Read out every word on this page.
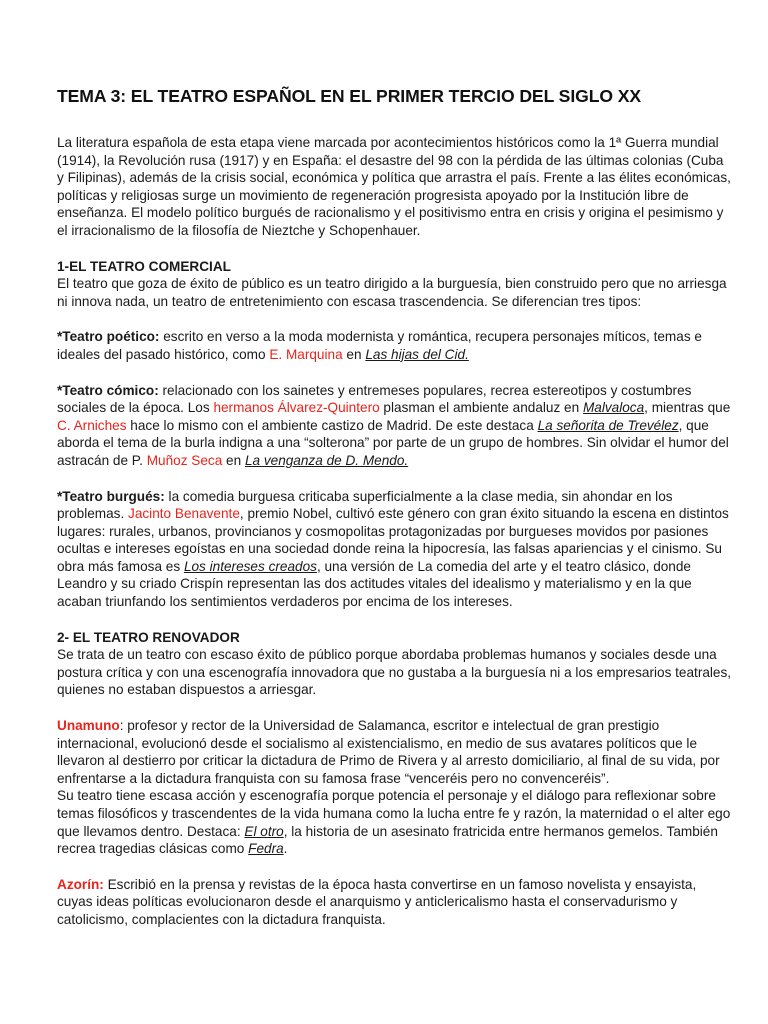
TEMA 3: EL TEATRO ESPAÑOL EN EL PRIMER TERCIO DEL SIGLO XX

La literatura española de esta etapa viene marcada por acontecimientos históricos como la 1ª Guerra mundial (1914), la Revolución rusa (1917) y en España: el desastre del 98 con la pérdida de las últimas colonias (Cuba y Filipinas), además de la crisis social, económica y política que arrastra el país. Frente a las élites económicas, políticas y religiosas surge un movimiento de regeneración progresista apoyado por la Institución libre de enseñanza. El modelo político burgués de racionalismo y el positivismo entra en crisis y origina el pesimismo y el irracionalismo de la filosofía de Nieztche y Schopenhauer.

1-EL TEATRO COMERCIAL
El teatro que goza de éxito de público es un teatro dirigido a la burguesía, bien construido pero que no arriesga ni innova nada, un teatro de entretenimiento con escasa trascendencia. Se diferencian tres tipos:

*Teatro poético: escrito en verso a la moda modernista y romántica, recupera personajes míticos, temas e ideales del pasado histórico, como E. Marquina en Las hijas del Cid.

*Teatro cómico: relacionado con los sainetes y entremeses populares, recrea estereotipos y costumbres sociales de la época. Los hermanos Álvarez-Quintero plasman el ambiente andaluz en Malvaloca, mientras que C. Arniches hace lo mismo con el ambiente castizo de Madrid. De este destaca La señorita de Trevélez, que aborda el tema de la burla indigna a una “solterona” por parte de un grupo de hombres. Sin olvidar el humor del astracán de P. Muñoz Seca en La venganza de D. Mendo.

*Teatro burgués: la comedia burguesa criticaba superficialmente a la clase media, sin ahondar en los problemas. Jacinto Benavente, premio Nobel, cultivó este género con gran éxito situando la escena en distintos lugares: rurales, urbanos, provincianos y cosmopolitas protagonizadas por burgueses movidos por pasiones ocultas e intereses egoístas en una sociedad donde reina la hipocresía, las falsas apariencias y el cinismo. Su obra más famosa es Los intereses creados, una versión de La comedia del arte y el teatro clásico, donde Leandro y su criado Crispín representan las dos actitudes vitales del idealismo y materialismo y en la que acaban triunfando los sentimientos verdaderos por encima de los intereses.

2- EL TEATRO RENOVADOR
Se trata de un teatro con escaso éxito de público porque abordaba problemas humanos y sociales desde una postura crítica y con una escenografía innovadora que no gustaba a la burguesía ni a los empresarios teatrales, quienes no estaban dispuestos a arriesgar.

Unamuno: profesor y rector de la Universidad de Salamanca, escritor e intelectual de gran prestigio internacional, evolucionó desde el socialismo al existencialismo, en medio de sus avatares políticos que le llevaron al destierro por criticar la dictadura de Primo de Rivera y al arresto domiciliario, al final de su vida, por enfrentarse a la dictadura franquista con su famosa frase “venceréis pero no convenceréis”.
Su teatro tiene escasa acción y escenografía porque potencia el personaje y el diálogo para reflexionar sobre temas filosóficos y trascendentes de la vida humana como la lucha entre fe y razón, la maternidad o el alter ego que llevamos dentro. Destaca: El otro, la historia de un asesinato fratricida entre hermanos gemelos. También recrea tragedias clásicas como Fedra.

Azorín: Escribió en la prensa y revistas de la época hasta convertirse en un famoso novelista y ensayista, cuyas ideas políticas evolucionaron desde el anarquismo y anticlericalismo hasta el conservadurismo y catolicismo, complacientes con la dictadura franquista.
